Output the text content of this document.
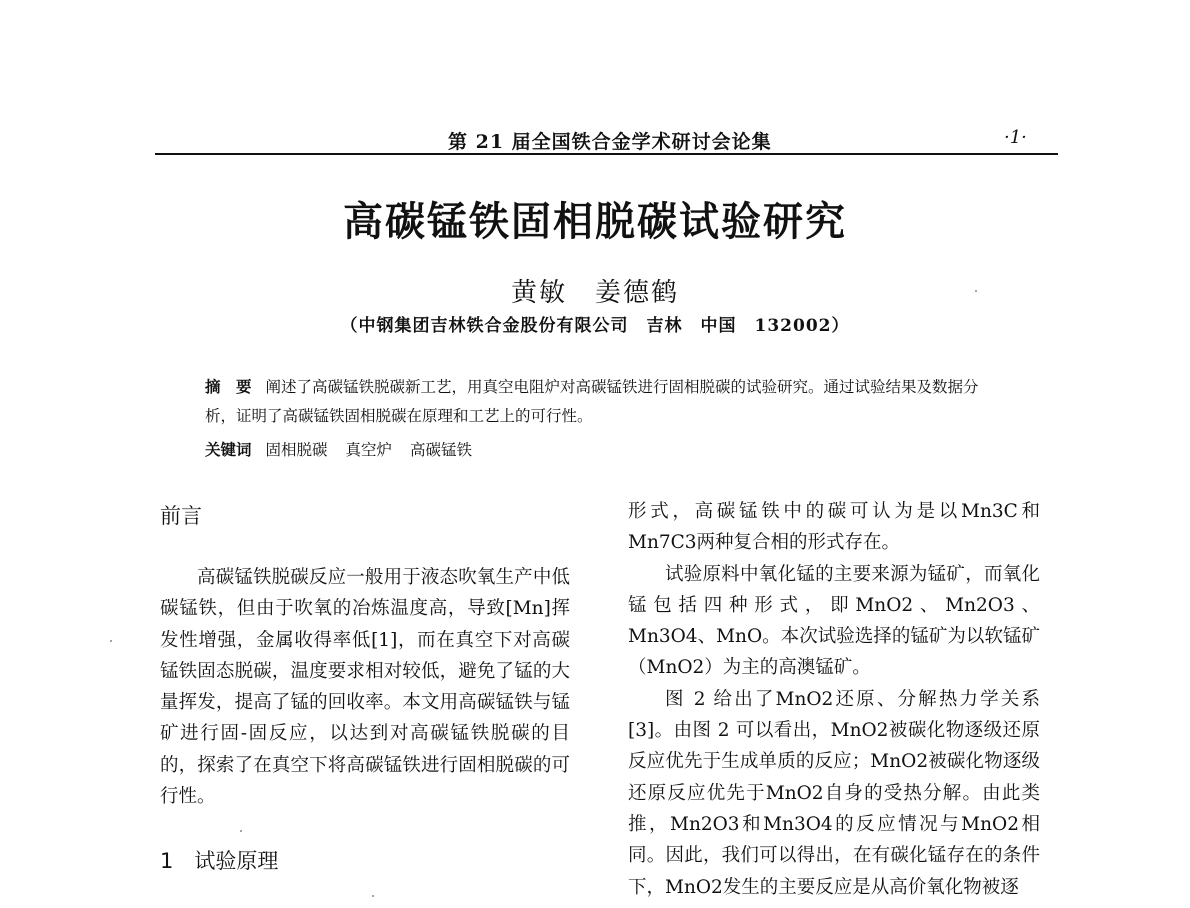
第 21 届全国铁合金学术研讨会论集	·1·
高碳锰铁固相脱碳试验研究
黄敏　姜德鹤
（中钢集团吉林铁合金股份有限公司　吉林　中国　132002）
摘　要 阐述了高碳锰铁脱碳新工艺，用真空电阻炉对高碳锰铁进行固相脱碳的试验研究。通过试验结果及数据分析，证明了高碳锰铁固相脱碳在原理和工艺上的可行性。
关键词 固相脱碳 真空炉 高碳锰铁
前言

高碳锰铁脱碳反应一般用于液态吹氧生产中低碳锰铁，但由于吹氧的冶炼温度高，导致[Mn]挥发性增强，金属收得率低[1]，而在真空下对高碳锰铁固态脱碳，温度要求相对较低，避免了锰的大量挥发，提高了锰的回收率。本文用高碳锰铁与锰矿进行固-固反应，以达到对高碳锰铁脱碳的目的，探索了在真空下将高碳锰铁进行固相脱碳的可行性。

1　试验原理

形式，高碳锰铁中的碳可认为是以Mn3C和Mn7C3两种复合相的形式存在。

试验原料中氧化锰的主要来源为锰矿，而氧化锰包括四种形式，即MnO2、Mn2O3、Mn3O4、MnO。本次试验选择的锰矿为以软锰矿（MnO2）为主的高澳锰矿。

图 2 给出了MnO2还原、分解热力学关系[3]。由图 2 可以看出，MnO2被碳化物逐级还原反应优先于生成单质的反应；MnO2被碳化物逐级还原反应优先于MnO2自身的受热分解。由此类推，Mn2O3和Mn3O4的反应情况与MnO2相同。因此，我们可以得出，在有碳化锰存在的条件下，MnO2发生的主要反应是从高价氧化物被逐
